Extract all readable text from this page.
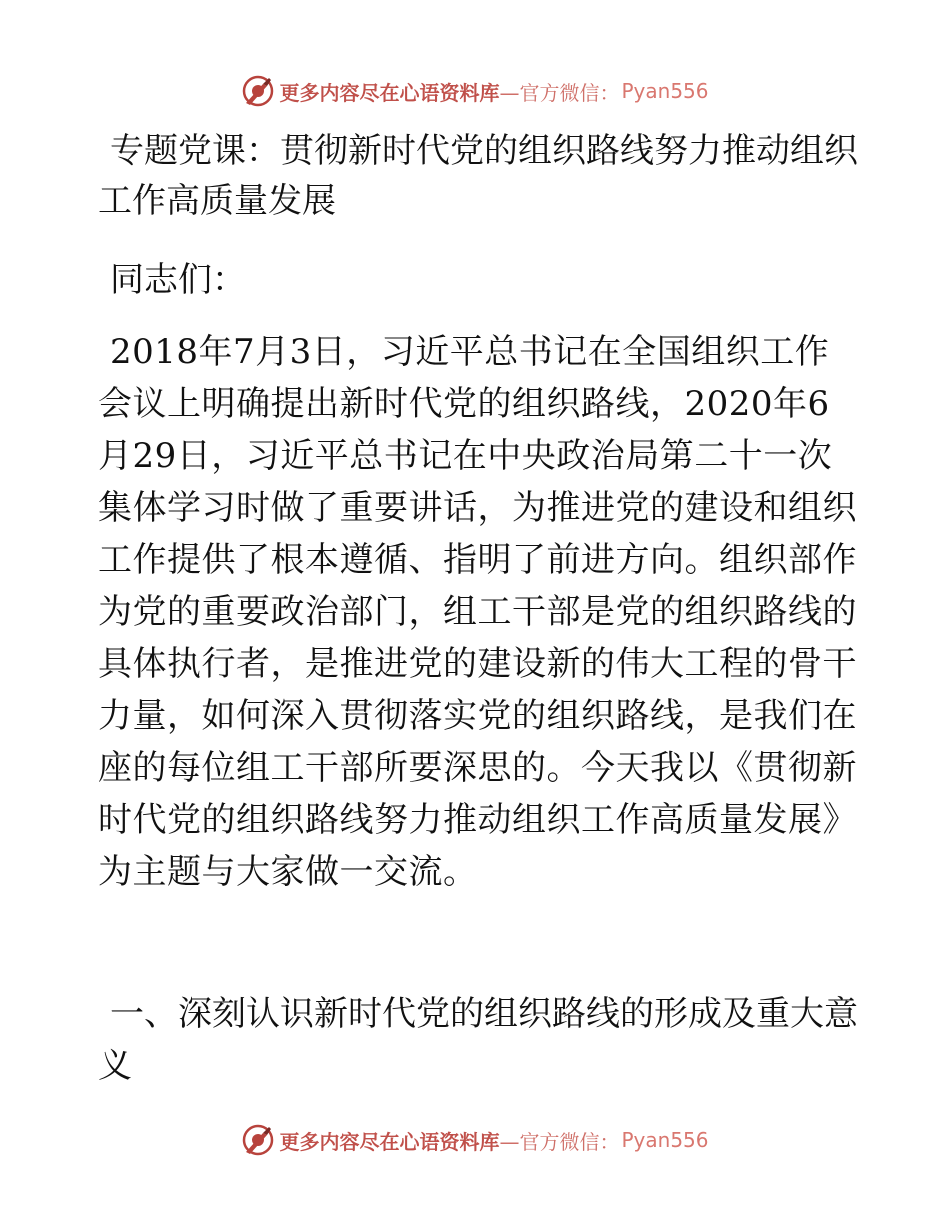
更多内容尽在心语资料库 —官方微信： Pyan556

专题党课：贯彻新时代党的组织路线努力推动组织工作高质量发展

同志们：

2018年7月3日，习近平总书记在全国组织工作会议上明确提出新时代党的组织路线，2020年6月29日，习近平总书记在中央政治局第二十一次集体学习时做了重要讲话，为推进党的建设和组织工作提供了根本遵循、指明了前进方向。组织部作为党的重要政治部门，组工干部是党的组织路线的具体执行者，是推进党的建设新的伟大工程的骨干力量，如何深入贯彻落实党的组织路线，是我们在座的每位组工干部所要深思的。今天我以《贯彻新时代党的组织路线努力推动组织工作高质量发展》为主题与大家做一交流。

一、深刻认识新时代党的组织路线的形成及重大意义

更多内容尽在心语资料库 —官方微信： Pyan556
